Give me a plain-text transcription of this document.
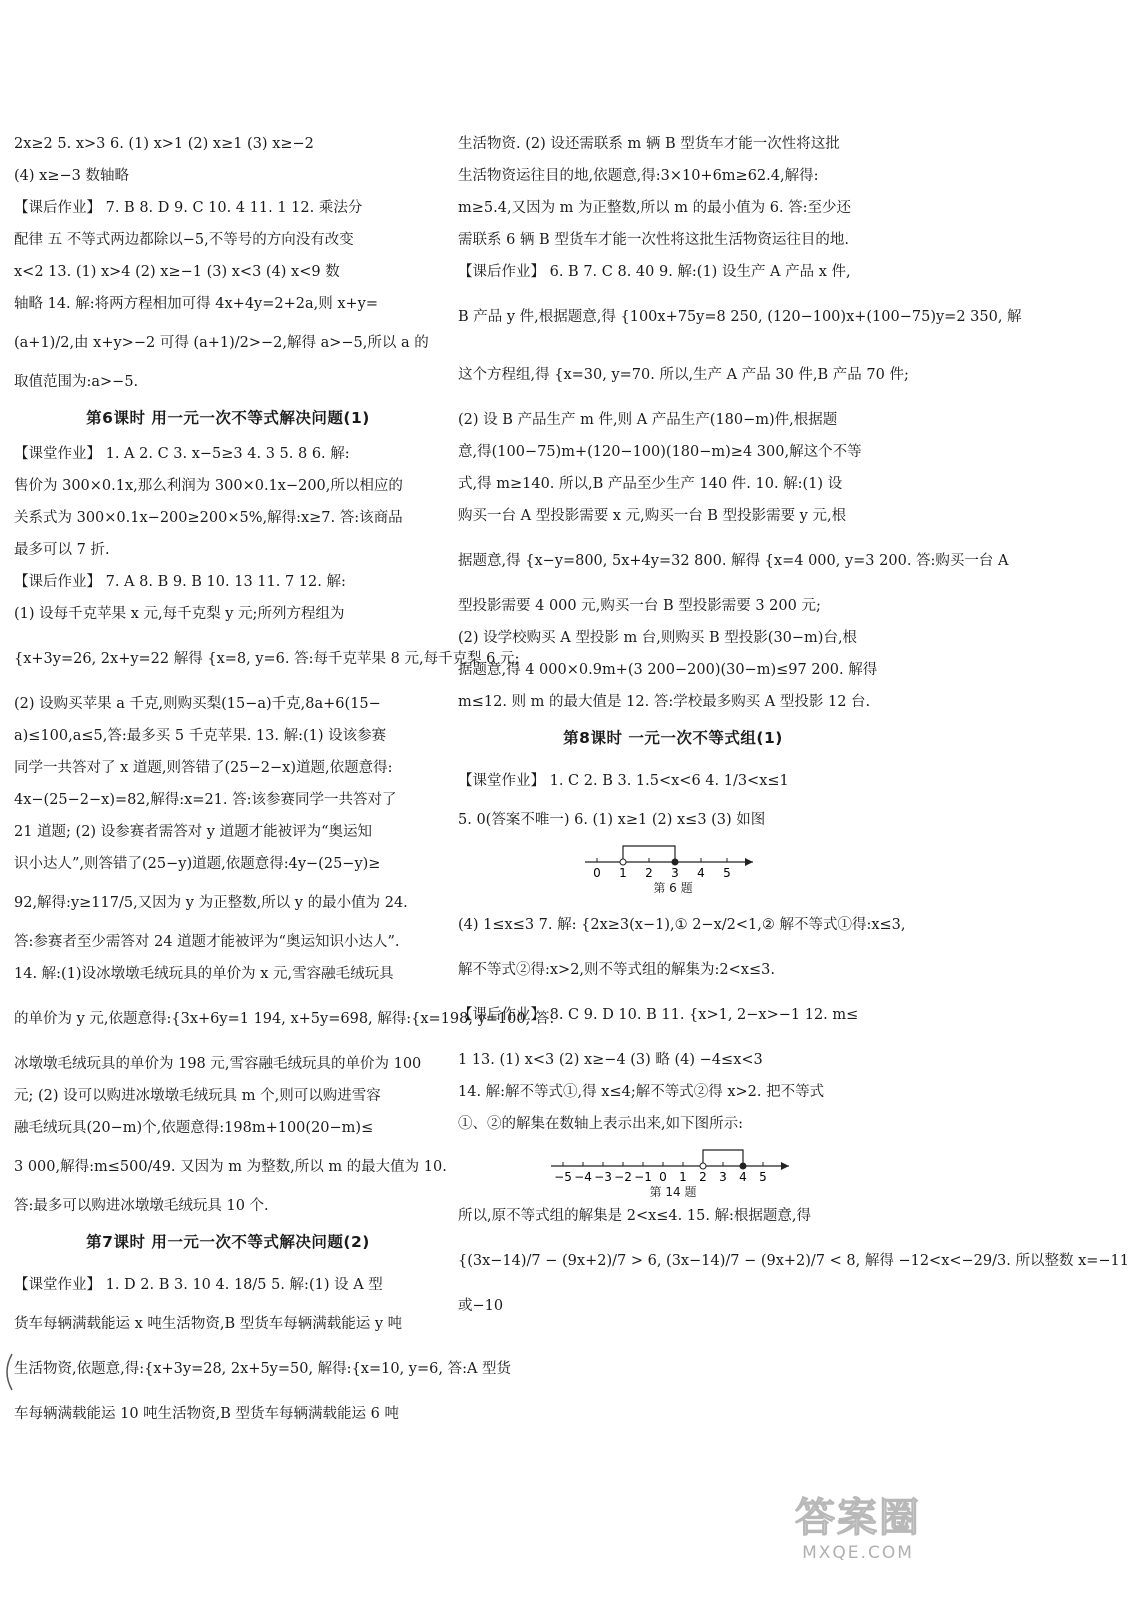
2x≥2 5. x>3 6. (1) x>1 (2) x≥1 (3) x≥−2
(4) x≥−3 数轴略
【课后作业】 7. B 8. D 9. C 10. 4 11. 1 12. 乘法分
配律 五 不等式两边都除以−5,不等号的方向没有改变
x<2 13. (1) x>4 (2) x≥−1 (3) x<3 (4) x<9 数
轴略 14. 解:将两方程相加可得 4x+4y=2+2a,则 x+y=
(a+1)/2,由 x+y>−2 可得 (a+1)/2>−2,解得 a>−5,所以 a 的
取值范围为:a>−5.
第6课时 用一元一次不等式解决问题(1)
【课堂作业】 1. A 2. C 3. x−5≥3 4. 3 5. 8 6. 解:
售价为 300×0.1x,那么利润为 300×0.1x−200,所以相应的
关系式为 300×0.1x−200≥200×5%,解得:x≥7. 答:该商品
最多可以 7 折.
【课后作业】 7. A 8. B 9. B 10. 13 11. 7 12. 解:
(1) 设每千克苹果 x 元,每千克梨 y 元;所列方程组为
{x+3y=26, 2x+y=22 解得 {x=8, y=6. 答:每千克苹果 8 元,每千克梨 6 元;
(2) 设购买苹果 a 千克,则购买梨(15−a)千克,8a+6(15−
a)≤100,a≤5,答:最多买 5 千克苹果. 13. 解:(1) 设该参赛
同学一共答对了 x 道题,则答错了(25−2−x)道题,依题意得:
4x−(25−2−x)=82,解得:x=21. 答:该参赛同学一共答对了
21 道题; (2) 设参赛者需答对 y 道题才能被评为“奥运知
识小达人”,则答错了(25−y)道题,依题意得:4y−(25−y)≥
92,解得:y≥117/5,又因为 y 为正整数,所以 y 的最小值为 24.
答:参赛者至少需答对 24 道题才能被评为“奥运知识小达人”.
14. 解:(1)设冰墩墩毛绒玩具的单价为 x 元,雪容融毛绒玩具
的单价为 y 元,依题意得:{3x+6y=1 194, x+5y=698, 解得:{x=198, y=100, 答:
冰墩墩毛绒玩具的单价为 198 元,雪容融毛绒玩具的单价为 100
元; (2) 设可以购进冰墩墩毛绒玩具 m 个,则可以购进雪容
融毛绒玩具(20−m)个,依题意得:198m+100(20−m)≤
3 000,解得:m≤500/49. 又因为 m 为整数,所以 m 的最大值为 10.
答:最多可以购进冰墩墩毛绒玩具 10 个.
第7课时 用一元一次不等式解决问题(2)
【课堂作业】 1. D 2. B 3. 10 4. 18/5 5. 解:(1) 设 A 型
货车每辆满载能运 x 吨生活物资,B 型货车每辆满载能运 y 吨
生活物资,依题意,得:{x+3y=28, 2x+5y=50, 解得:{x=10, y=6, 答:A 型货
车每辆满载能运 10 吨生活物资,B 型货车每辆满载能运 6 吨
生活物资. (2) 设还需联系 m 辆 B 型货车才能一次性将这批
生活物资运往目的地,依题意,得:3×10+6m≥62.4,解得:
m≥5.4,又因为 m 为正整数,所以 m 的最小值为 6. 答:至少还
需联系 6 辆 B 型货车才能一次性将这批生活物资运往目的地.
【课后作业】 6. B 7. C 8. 40 9. 解:(1) 设生产 A 产品 x 件,
B 产品 y 件,根据题意,得 {100x+75y=8 250, (120−100)x+(100−75)y=2 350, 解
这个方程组,得 {x=30, y=70. 所以,生产 A 产品 30 件,B 产品 70 件;
(2) 设 B 产品生产 m 件,则 A 产品生产(180−m)件,根据题
意,得(100−75)m+(120−100)(180−m)≥4 300,解这个不等
式,得 m≥140. 所以,B 产品至少生产 140 件. 10. 解:(1) 设
购买一台 A 型投影需要 x 元,购买一台 B 型投影需要 y 元,根
据题意,得 {x−y=800, 5x+4y=32 800. 解得 {x=4 000, y=3 200. 答:购买一台 A
型投影需要 4 000 元,购买一台 B 型投影需要 3 200 元;
(2) 设学校购买 A 型投影 m 台,则购买 B 型投影(30−m)台,根
据题意,得 4 000×0.9m+(3 200−200)(30−m)≤97 200. 解得
m≤12. 则 m 的最大值是 12. 答:学校最多购买 A 型投影 12 台.
第8课时 一元一次不等式组(1)
【课堂作业】 1. C 2. B 3. 1.5<x<6 4. 1/3<x≤1
5. 0(答案不唯一) 6. (1) x≥1 (2) x≤3 (3) 如图
0 1 2 3 4 5
第 6 题
(4) 1≤x≤3 7. 解: {2x≥3(x−1),① 2−x/2<1,② 解不等式①得:x≤3,
解不等式②得:x>2,则不等式组的解集为:2<x≤3.
【课后作业】 8. C 9. D 10. B 11. {x>1, 2−x>−1 12. m≤
1 13. (1) x<3 (2) x≥−4 (3) 略 (4) −4≤x<3
14. 解:解不等式①,得 x≤4;解不等式②得 x>2. 把不等式
①、②的解集在数轴上表示出来,如下图所示:
−5 −4 −3 −2 −1 0 1 2 3 4 5
第 14 题
所以,原不等式组的解集是 2<x≤4. 15. 解:根据题意,得
{(3x−14)/7 − (9x+2)/7 > 6, (3x−14)/7 − (9x+2)/7 < 8, 解得 −12<x<−29/3. 所以整数 x=−11
或−10
答案圈
MXQE.COM
